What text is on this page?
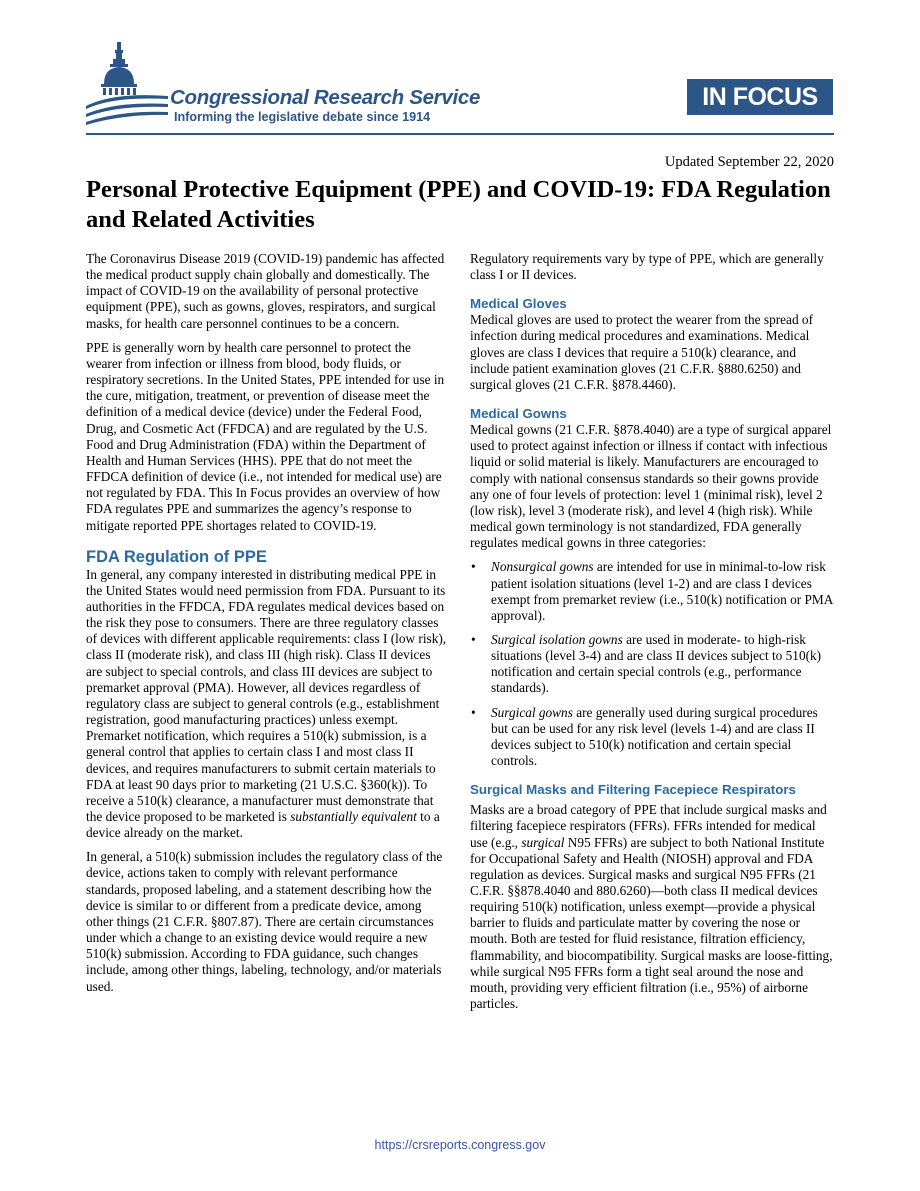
Congressional Research Service
Informing the legislative debate since 1914
IN FOCUS
Updated September 22, 2020
Personal Protective Equipment (PPE) and COVID-19: FDA Regulation and Related Activities

The Coronavirus Disease 2019 (COVID-19) pandemic has affected the medical product supply chain globally and domestically. The impact of COVID-19 on the availability of personal protective equipment (PPE), such as gowns, gloves, respirators, and surgical masks, for health care personnel continues to be a concern.

PPE is generally worn by health care personnel to protect the wearer from infection or illness from blood, body fluids, or respiratory secretions. In the United States, PPE intended for use in the cure, mitigation, treatment, or prevention of disease meet the definition of a medical device (device) under the Federal Food, Drug, and Cosmetic Act (FFDCA) and are regulated by the U.S. Food and Drug Administration (FDA) within the Department of Health and Human Services (HHS). PPE that do not meet the FFDCA definition of device (i.e., not intended for medical use) are not regulated by FDA. This In Focus provides an overview of how FDA regulates PPE and summarizes the agency’s response to mitigate reported PPE shortages related to COVID-19.

FDA Regulation of PPE

In general, any company interested in distributing medical PPE in the United States would need permission from FDA. Pursuant to its authorities in the FFDCA, FDA regulates medical devices based on the risk they pose to consumers. There are three regulatory classes of devices with different applicable requirements: class I (low risk), class II (moderate risk), and class III (high risk). Class II devices are subject to special controls, and class III devices are subject to premarket approval (PMA). However, all devices regardless of regulatory class are subject to general controls (e.g., establishment registration, good manufacturing practices) unless exempt. Premarket notification, which requires a 510(k) submission, is a general control that applies to certain class I and most class II devices, and requires manufacturers to submit certain materials to FDA at least 90 days prior to marketing (21 U.S.C. §360(k)). To receive a 510(k) clearance, a manufacturer must demonstrate that the device proposed to be marketed is substantially equivalent to a device already on the market.

In general, a 510(k) submission includes the regulatory class of the device, actions taken to comply with relevant performance standards, proposed labeling, and a statement describing how the device is similar to or different from a predicate device, among other things (21 C.F.R. §807.87). There are certain circumstances under which a change to an existing device would require a new 510(k) submission. According to FDA guidance, such changes include, among other things, labeling, technology, and/or materials used.

Regulatory requirements vary by type of PPE, which are generally class I or II devices.

Medical Gloves

Medical gloves are used to protect the wearer from the spread of infection during medical procedures and examinations. Medical gloves are class I devices that require a 510(k) clearance, and include patient examination gloves (21 C.F.R. §880.6250) and surgical gloves (21 C.F.R. §878.4460).

Medical Gowns

Medical gowns (21 C.F.R. §878.4040) are a type of surgical apparel used to protect against infection or illness if contact with infectious liquid or solid material is likely. Manufacturers are encouraged to comply with national consensus standards so their gowns provide any one of four levels of protection: level 1 (minimal risk), level 2 (low risk), level 3 (moderate risk), and level 4 (high risk). While medical gown terminology is not standardized, FDA generally regulates medical gowns in three categories:

• Nonsurgical gowns are intended for use in minimal-to-low risk patient isolation situations (level 1-2) and are class I devices exempt from premarket review (i.e., 510(k) notification or PMA approval).
• Surgical isolation gowns are used in moderate- to high-risk situations (level 3-4) and are class II devices subject to 510(k) notification and certain special controls (e.g., performance standards).
• Surgical gowns are generally used during surgical procedures but can be used for any risk level (levels 1-4) and are class II devices subject to 510(k) notification and certain special controls.
Surgical Masks and Filtering Facepiece Respirators

Masks are a broad category of PPE that include surgical masks and filtering facepiece respirators (FFRs). FFRs intended for medical use (e.g., surgical N95 FFRs) are subject to both National Institute for Occupational Safety and Health (NIOSH) approval and FDA regulation as devices. Surgical masks and surgical N95 FFRs (21 C.F.R. §§878.4040 and 880.6260)—both class II medical devices requiring 510(k) notification, unless exempt—provide a physical barrier to fluids and particulate matter by covering the nose or mouth. Both are tested for fluid resistance, filtration efficiency, flammability, and biocompatibility. Surgical masks are loose-fitting, while surgical N95 FFRs form a tight seal around the nose and mouth, providing very efficient filtration (i.e., 95%) of airborne particles.

https://crsreports.congress.gov
